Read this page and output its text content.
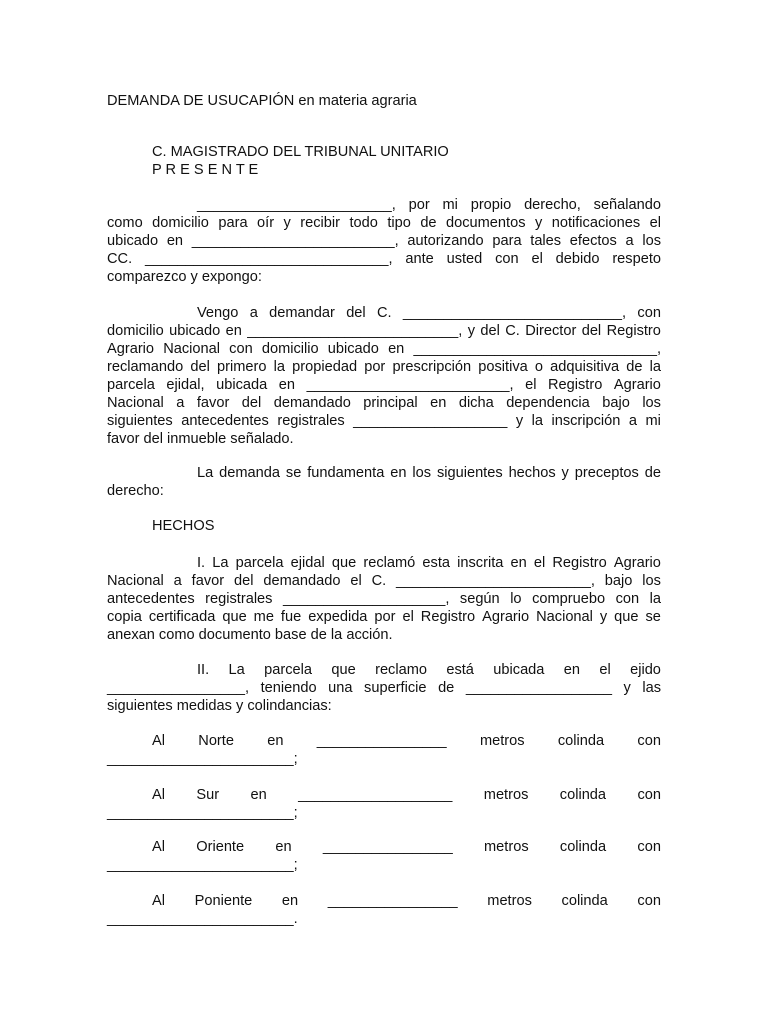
DEMANDA DE USUCAPIÓN en materia agraria
C. MAGISTRADO DEL TRIBUNAL UNITARIO
P R E S E N T E
________________________, por mi propio derecho, señalando
como domicilio para oír y recibir todo tipo de documentos y notificaciones el
ubicado en _________________________, autorizando para tales efectos a los
CC. ______________________________, ante usted con el debido respeto
comparezco y expongo:
Vengo a demandar del C. ___________________________, con
domicilio ubicado en __________________________, y del C. Director del Registro
Agrario Nacional con domicilio ubicado en ______________________________,
reclamando del primero la propiedad por prescripción positiva o adquisitiva de la
parcela ejidal, ubicada en _________________________, el Registro Agrario
Nacional a favor del demandado principal en dicha dependencia bajo los
siguientes antecedentes registrales ___________________ y la inscripción a mi
favor del inmueble señalado.
La demanda se fundamenta en los siguientes hechos y preceptos de
derecho:
HECHOS
I. La parcela ejidal que reclamó esta inscrita en el Registro Agrario
Nacional a favor del demandado el C. ________________________, bajo los
antecedentes registrales ____________________, según lo compruebo con la
copia certificada que me fue expedida por el Registro Agrario Nacional y que se
anexan como documento base de la acción.
II. La parcela que reclamo está ubicada en el ejido
_________________, teniendo una superficie de __________________ y las
siguientes medidas y colindancias:
Al Norte en ________________ metros colinda con
_______________________;
Al Sur en ___________________ metros colinda con
_______________________;
Al Oriente en ________________ metros colinda con
_______________________;
Al Poniente en ________________ metros colinda con
_______________________.
